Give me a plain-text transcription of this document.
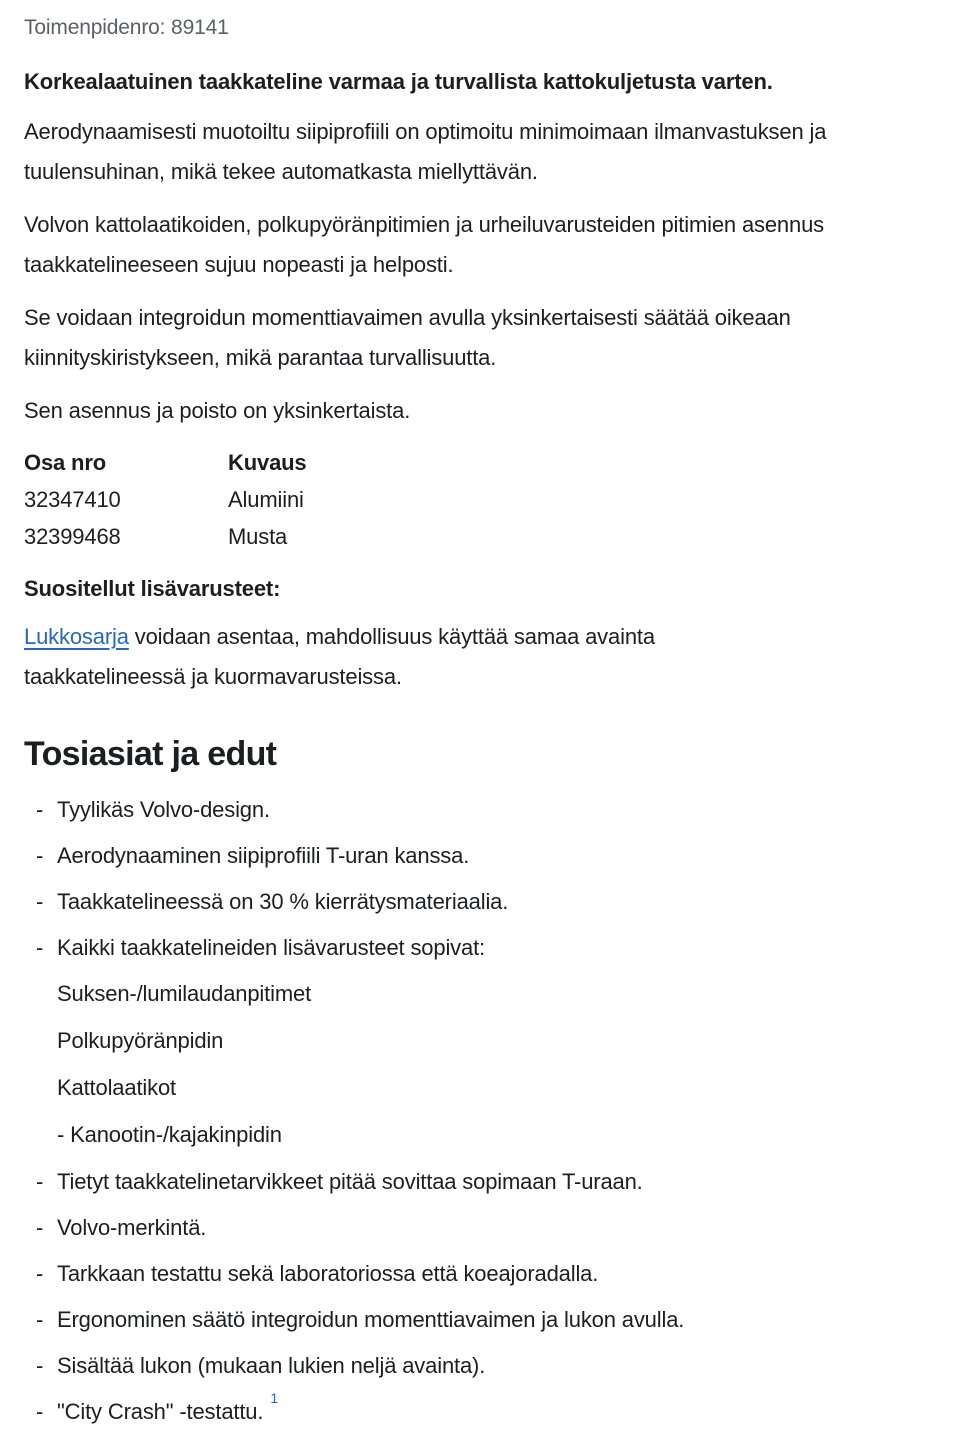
Toimenpidenro: 89141

Korkealaatuinen taakkateline varmaa ja turvallista kattokuljetusta varten.

Aerodynaamisesti muotoiltu siipiprofiili on optimoitu minimoimaan ilmanvastuksen ja tuulensuhinan, mikä tekee automatkasta miellyttävän.

Volvon kattolaatikoiden, polkupyöränpitimien ja urheiluvarusteiden pitimien asennus taakkatelineeseen sujuu nopeasti ja helposti.

Se voidaan integroidun momenttiavaimen avulla yksinkertaisesti säätää oikeaan kiinnityskiristykseen, mikä parantaa turvallisuutta.

Sen asennus ja poisto on yksinkertaista.

Osa nro	Kuvaus
32347410	Alumiini
32399468	Musta

Suositellut lisävarusteet:

Lukkosarja voidaan asentaa, mahdollisuus käyttää samaa avainta taakkatelineessä ja kuormavarusteissa.

Tosiasiat ja edut
- Tyylikäs Volvo-design.
- Aerodynaaminen siipiprofiili T-uran kanssa.
- Taakkatelineessä on 30 % kierrätysmateriaalia.
- Kaikki taakkatelineiden lisävarusteet sopivat:
Suksen-/lumilaudanpitimet
Polkupyöränpidin
Kattolaatikot
- Kanootin-/kajakinpidin
- Tietyt taakkatelinetarvikkeet pitää sovittaa sopimaan T-uraan.
- Volvo-merkintä.
- Tarkkaan testattu sekä laboratoriossa että koeajoradalla.
- Ergonominen säätö integroidun momenttiavaimen ja lukon avulla.
- Sisältää lukon (mukaan lukien neljä avainta).
- "City Crash" -testattu.$^1$
